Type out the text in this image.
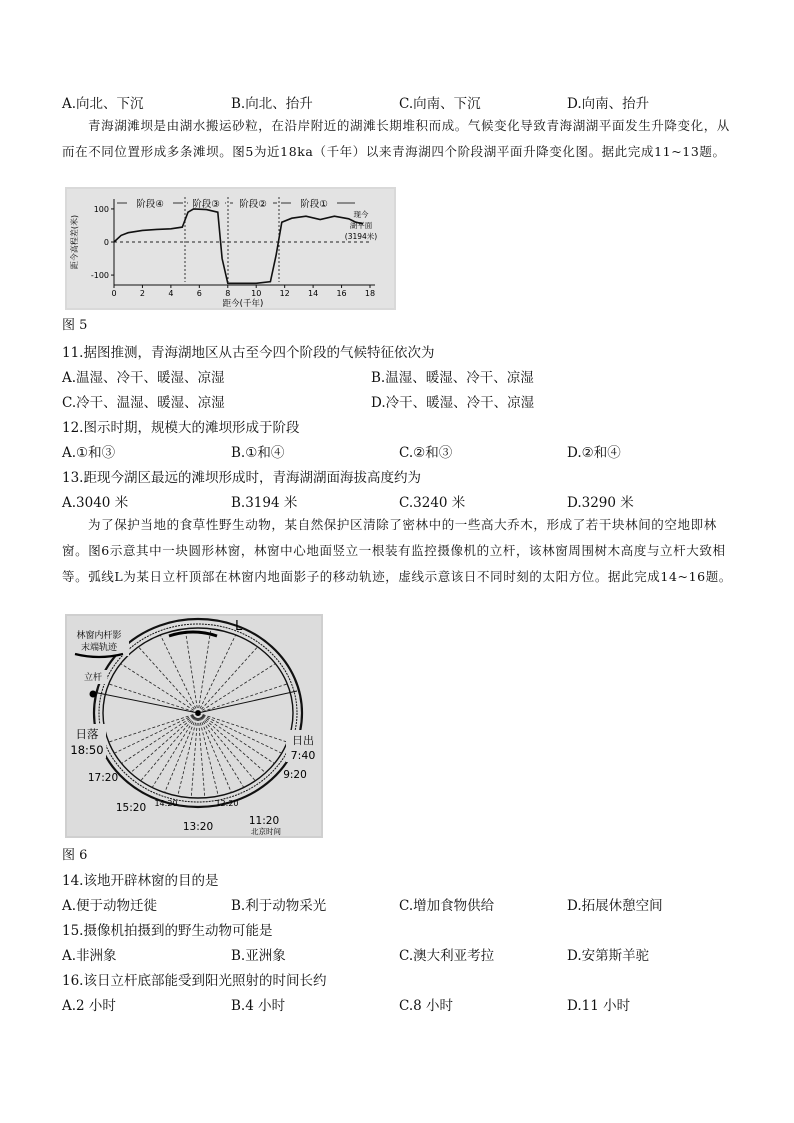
A.向北、下沉	B.向北、抬升	C.向南、下沉	D.向南、抬升
青海湖滩坝是由湖水搬运砂粒，在沿岸附近的湖滩长期堆积而成。气候变化导致青海湖湖平面发生升降变化，从而在不同位置形成多条滩坝。图5为近18ka（千年）以来青海湖四个阶段湖平面升降变化图。据此完成11~13题。
100
0
-100
0	2	4	6	8	10 12 14 16 18
阶段④	阶段③ 阶段②	阶段①
现今
湖平面
(3194米)
距今高程差(米)
距今(千年)
图 5
11.据图推测，青海湖地区从古至今四个阶段的气候特征依次为
A.温湿、冷干、暖湿、凉湿	B.温湿、暖湿、冷干、凉湿
C.冷干、温湿、暖湿、凉湿	D.冷干、暖湿、冷干、凉湿
12.图示时期，规模大的滩坝形成于阶段
A.①和③	B.①和④	C.②和③	D.②和④
13.距现今湖区最远的滩坝形成时，青海湖湖面海拔高度约为
A.3040 米	B.3194 米	C.3240 米	D.3290 米
为了保护当地的食草性野生动物，某自然保护区清除了密林中的一些高大乔木，形成了若干块林间的空地即林窗。图6示意其中一块圆形林窗，林窗中心地面竖立一根装有监控摄像机的立杆，该林窗周围树木高度与立杆大致相等。弧线L为某日立杆顶部在林窗内地面影子的移动轨迹，虚线示意该日不同时刻的太阳方位。据此完成14~16题。
L
林窗内杆影
末端轨迹
立杆
日落
18:50
日出
7:40
17:20
15:20 14:20
13:20
12:20
11:20
9:20
北京时间
图 6
14.该地开辟林窗的目的是
A.便于动物迁徙	B.利于动物采光	C.增加食物供给	D.拓展休憩空间
15.摄像机拍摄到的野生动物可能是
A.非洲象	B.亚洲象	C.澳大利亚考拉	D.安第斯羊驼
16.该日立杆底部能受到阳光照射的时间长约
A.2 小时	B.4 小时	C.8 小时	D.11 小时
